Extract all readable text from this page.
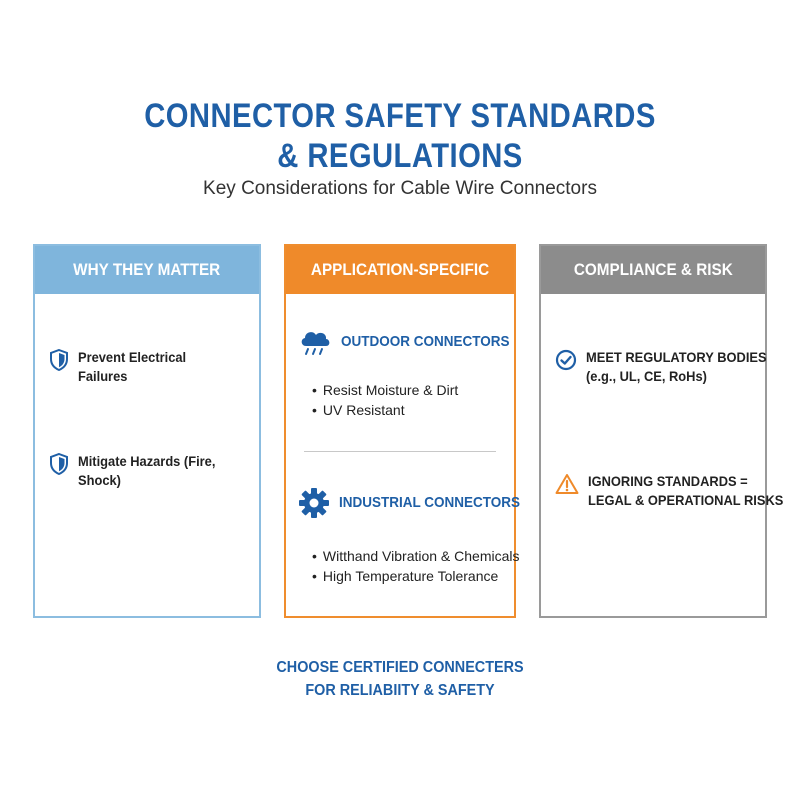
CONNECTOR SAFETY STANDARDS
& REGULATIONS
Key Considerations for Cable Wire Connectors
WHY THEY MATTER
Prevent Electrical Failures
Mitigate Hazards (Fire, Shock)
APPLICATION-SPECIFIC
OUTDOOR CONNECTORS
• Resist Moisture & Dirt
• UV Resistant
INDUSTRIAL CONNECTORS
• Witthand Vibration & Chemicals
• High Temperature Tolerance
COMPLIANCE & RISK
MEET REGULATORY BODIES
(e.g., UL, CE, RoHs)
IGNORING STANDARDS =
LEGAL & OPERATIONAL RISKS
CHOOSE CERTIFIED CONNECTERS
FOR RELIABIITY & SAFETY
